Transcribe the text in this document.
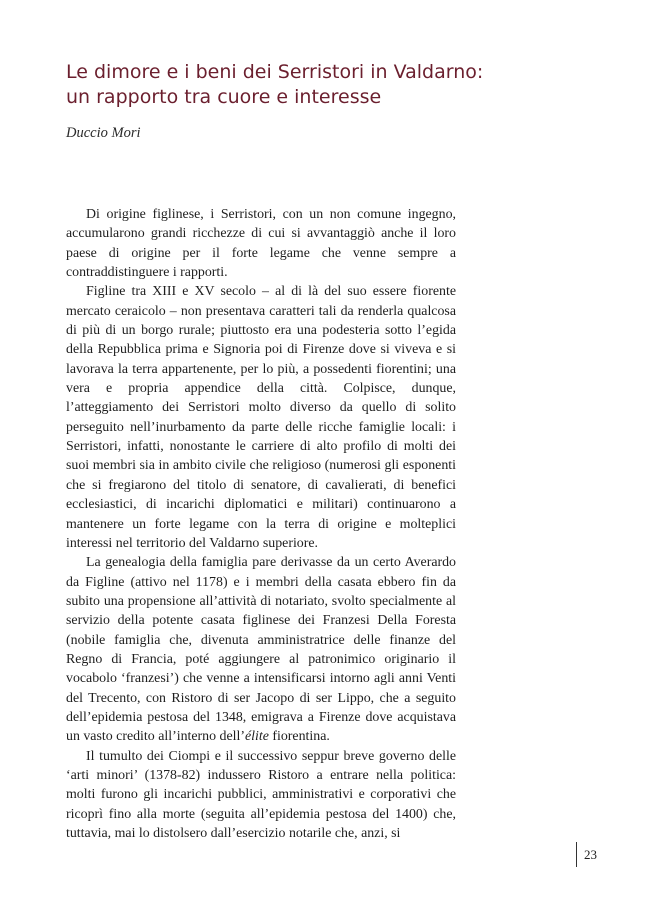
Le dimore e i beni dei Serristori in Valdarno:
un rapporto tra cuore e interesse

Duccio Mori

Di origine figlinese, i Serristori, con un non comune ingegno, accumularono grandi ricchezze di cui si avvantaggiò anche il loro paese di origine per il forte legame che venne sempre a contraddistinguere i rapporti.

Figline tra XIII e XV secolo – al di là del suo essere fiorente mercato ceraicolo – non presentava caratteri tali da renderla qualcosa di più di un borgo rurale; piuttosto era una podesteria sotto l’egida della Repubblica prima e Signoria poi di Firenze dove si viveva e si lavorava la terra appartenente, per lo più, a possedenti fiorentini; una vera e propria appendice della città. Colpisce, dunque, l’atteggiamento dei Serristori molto diverso da quello di solito perseguito nell’inurbamento da parte delle ricche famiglie locali: i Serristori, infatti, nonostante le carriere di alto profilo di molti dei suoi membri sia in ambito civile che religioso (numerosi gli esponenti che si fregiarono del titolo di senatore, di cavalierati, di benefici ecclesiastici, di incarichi diplomatici e militari) continuarono a mantenere un forte legame con la terra di origine e molteplici interessi nel territorio del Valdarno superiore.

La genealogia della famiglia pare derivasse da un certo Averardo da Figline (attivo nel 1178) e i membri della casata ebbero fin da subito una propensione all’attività di notariato, svolto specialmente al servizio della potente casata figlinese dei Franzesi Della Foresta (nobile famiglia che, divenuta amministratrice delle finanze del Regno di Francia, poté aggiungere al patronimico originario il vocabolo ‘franzesi’) che venne a intensificarsi intorno agli anni Venti del Trecento, con Ristoro di ser Jacopo di ser Lippo, che a seguito dell’epidemia pestosa del 1348, emigrava a Firenze dove acquistava un vasto credito all’interno dell’élite fiorentina.

Il tumulto dei Ciompi e il successivo seppur breve governo delle ‘arti minori’ (1378-82) indussero Ristoro a entrare nella politica: molti furono gli incarichi pubblici, amministrativi e corporativi che ricoprì fino alla morte (seguita all’epidemia pestosa del 1400) che, tuttavia, mai lo distolsero dall’esercizio notarile che, anzi, si

23
